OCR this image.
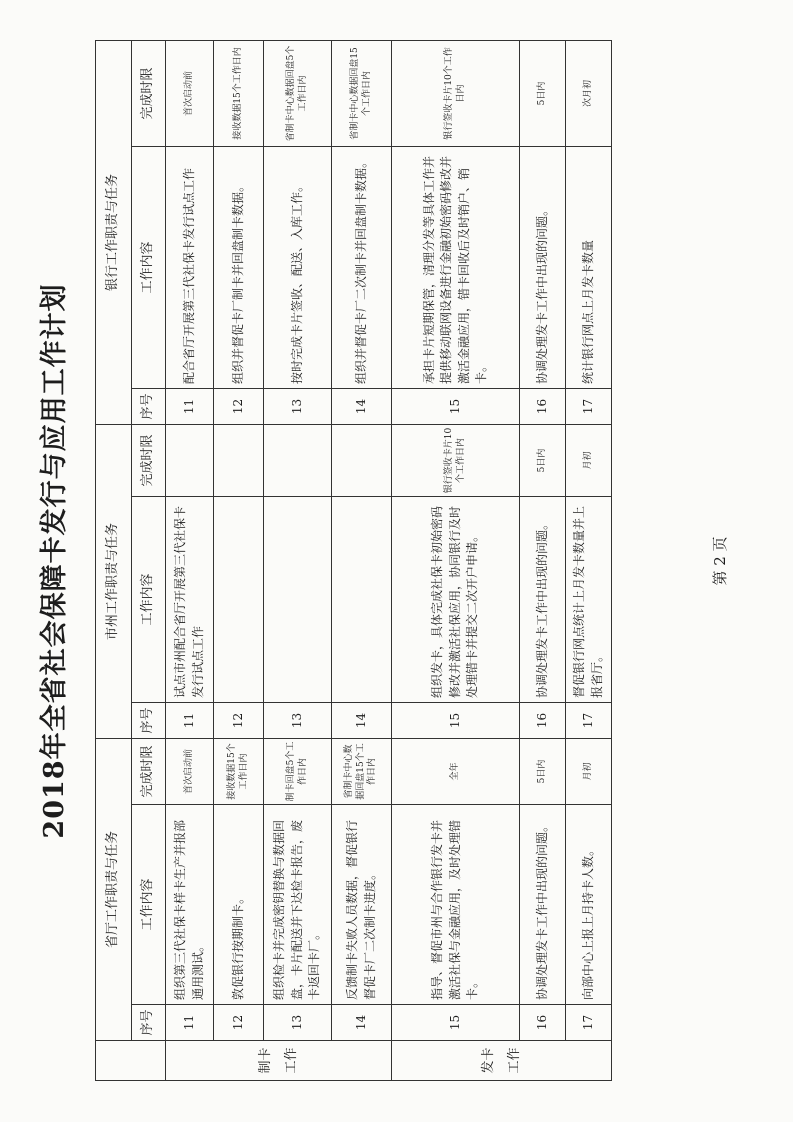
2018年全省社会保障卡发行与应用工作计划
	省厅工作职责与任务			市州工作职责与任务			银行工作职责与任务		
	序号	工作内容	完成时限	序号	工作内容	完成时限	序号	工作内容	完成时限
制卡工作	11	组织第三代社保卡样卡生产并报部通用测试。	首次启动前	11	试点市州配合省厅开展第三代社保卡发行试点工作		11	配合省厅开展第三代社保卡发行试点工作	首次启动前
	12	敦促银行按期制卡。	接收数据15个工作日内	12			12	组织并督促卡厂制卡并回盘制卡数据。	接收数据15个工作日内
	13	组织检卡并完成密钥替换与数据回盘，卡片配送并下达检卡报告，废卡返回卡厂。	制卡回盘5个工作日内	13			13	按时完成卡片签收、配送、入库工作。	省制卡中心数据回盘5个工作日内
	14	反馈制卡失败人员数据，督促银行督促卡厂二次制卡进度。	省制卡中心数据回盘15个工作日内	14			14	组织并督促卡厂二次制卡并回盘制卡数据。	省制卡中心数据回盘15个工作日内
发卡工作	15	指导、督促市州与合作银行发卡并激活社保与金融应用，及时处理错卡。	全年	15	组织发卡，具体完成社保卡初始密码修改并激活社保应用，协同银行及时处理错卡并提交二次开户申请。	银行签收卡片10个工作日内	15	承担卡片短期保管，清理分发等具体工作并提供移动联网设备进行金融初始密码修改并激活金融应用，错卡回收后及时销户、销卡。	银行签收卡片10个工作日内
	16	协调处理发卡工作中出现的问题。	5日内	16	协调处理发卡工作中出现的问题。	5日内	16	协调处理发卡工作中出现的问题。	5日内
	17	向部中心上报上月持卡人数。	月初	17	督促银行网点统计上月发卡数量并上报省厅。	月初	17	统计银行网点上月发卡数量	次月初
第 2 页
